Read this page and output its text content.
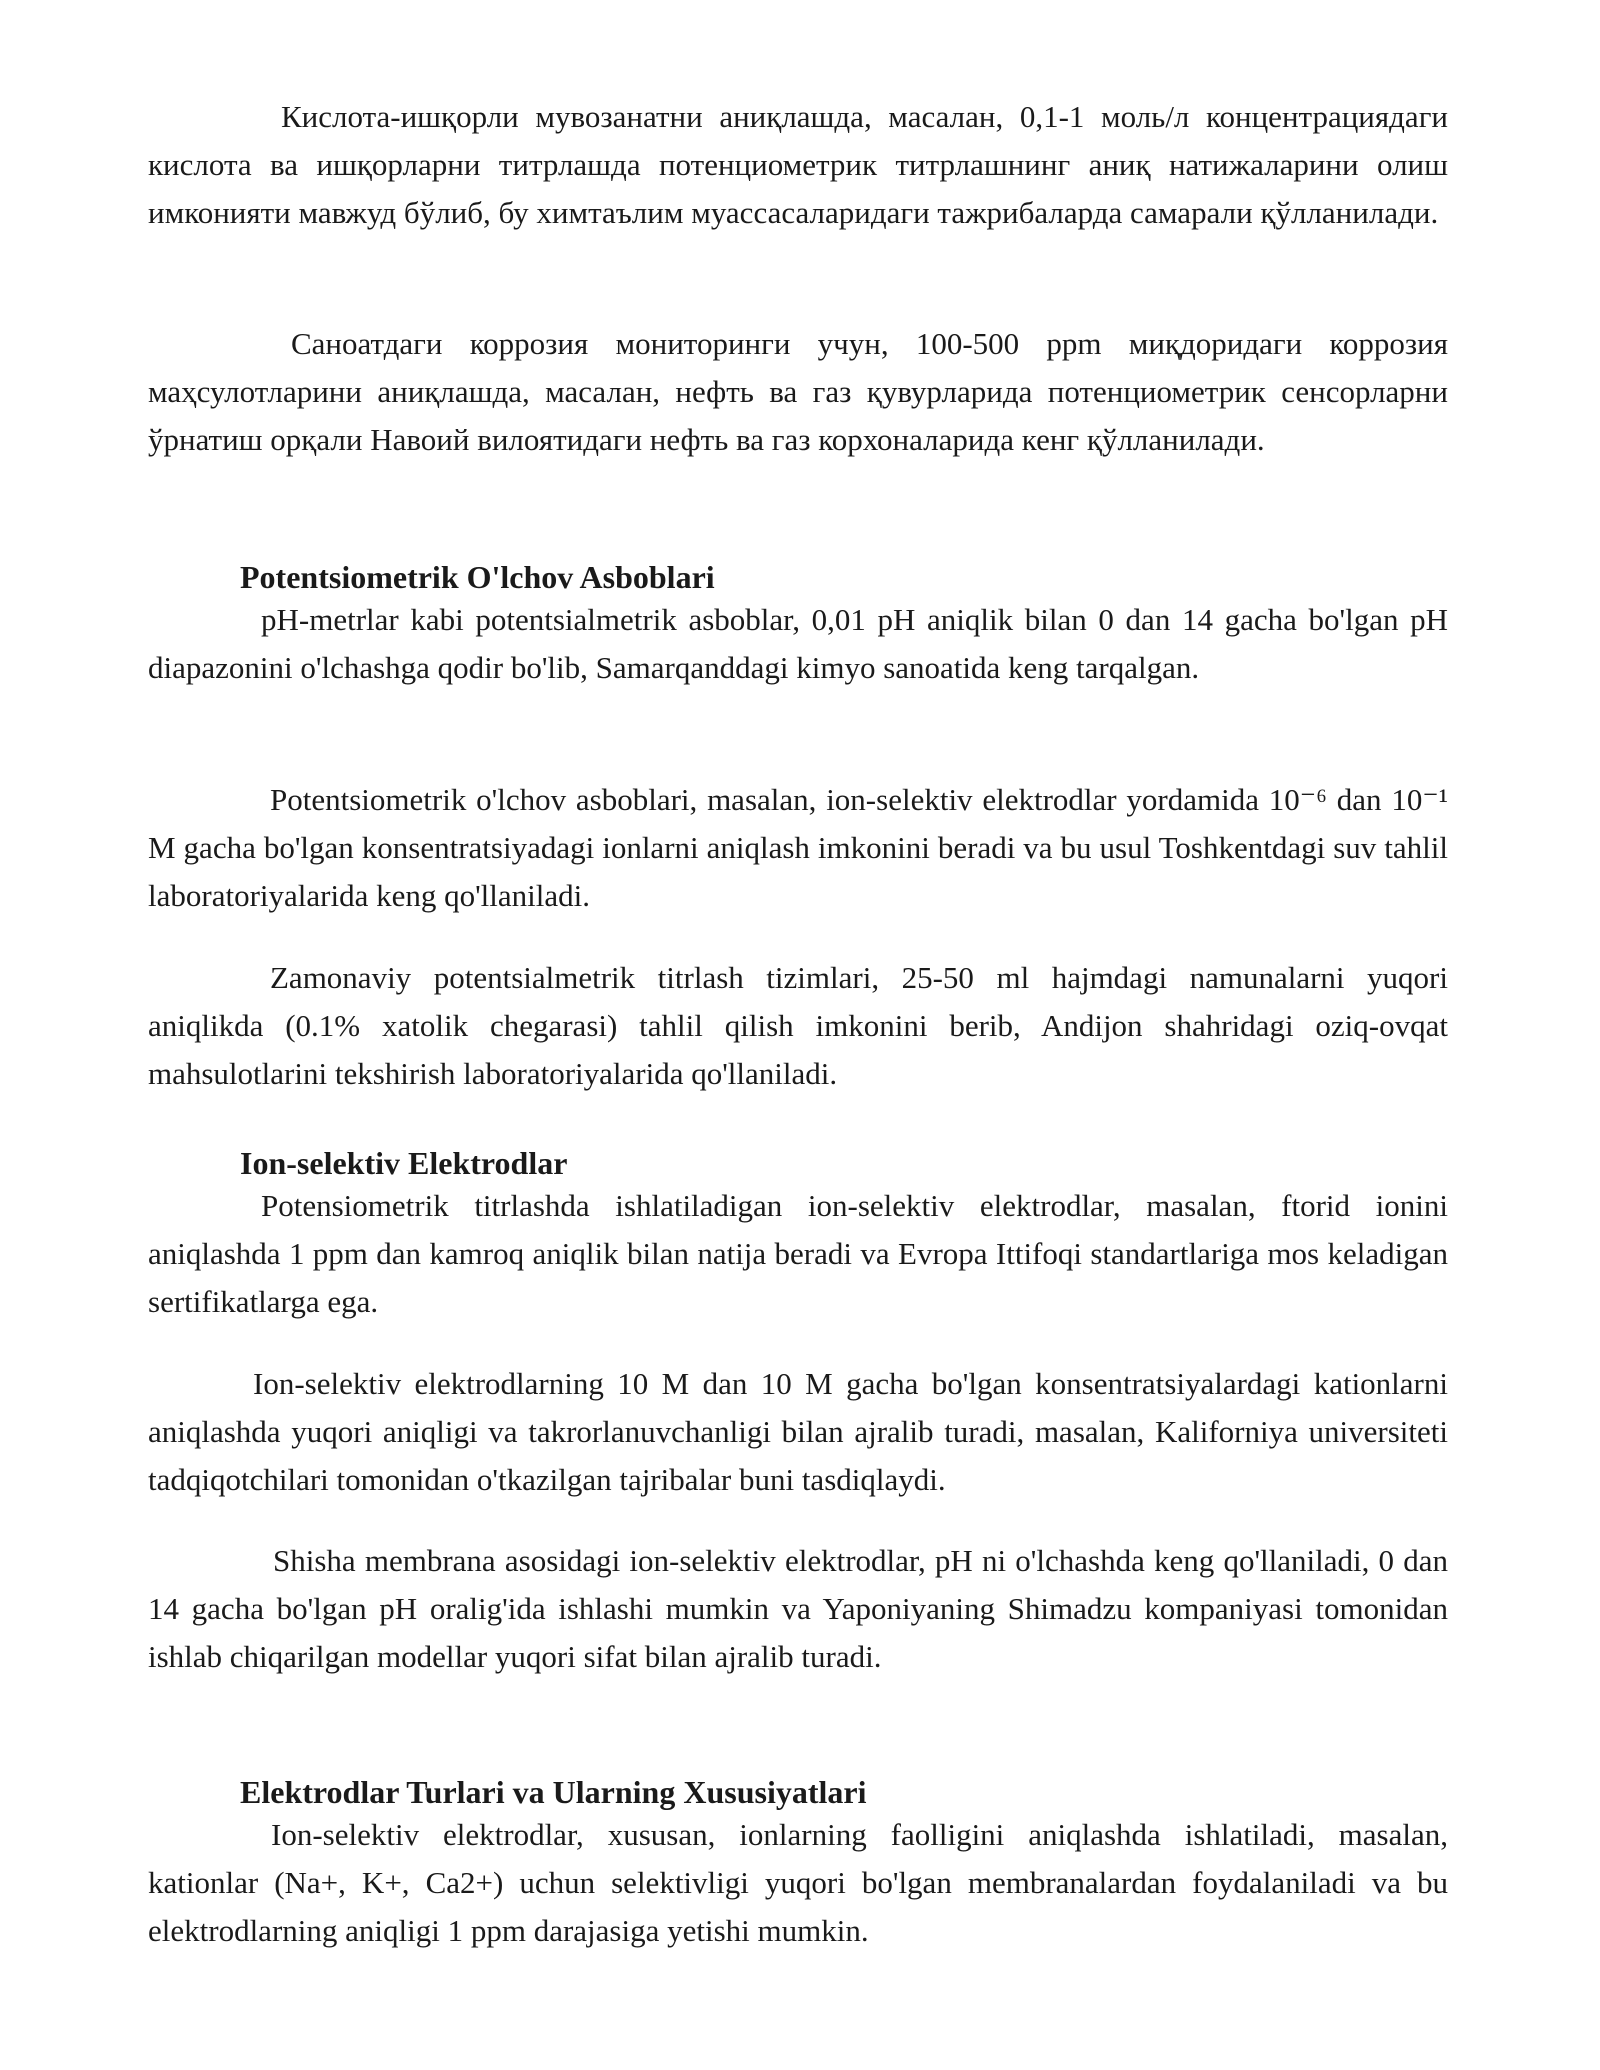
Кислота-ишқорли мувозанатни аниқлашда, масалан, 0,1-1 моль/л концентрациядаги кислота ва ишқорларни титрлашда потенциометрик титрлашнинг аниқ натижаларини олиш имконияти мавжуд бўлиб, бу химтаълим муассасаларидаги тажрибаларда самарали қўлланилади.

Саноатдаги коррозия мониторинги учун, 100-500 ppm миқдоридаги коррозия маҳсулотларини аниқлашда, масалан, нефть ва газ қувурларида потенциометрик сенсорларни ўрнатиш орқали Навоий вилоятидаги нефть ва газ корхоналарида кенг қўлланилади.

Potentsiometrik O'lchov Asboblari

pH-metrlar kabi potentsialmetrik asboblar, 0,01 pH aniqlik bilan 0 dan 14 gacha bo'lgan pH diapazonini o'lchashga qodir bo'lib, Samarqanddagi kimyo sanoatida keng tarqalgan.

Potentsiometrik o'lchov asboblari, masalan, ion-selektiv elektrodlar yordamida 10⁻⁶ dan 10⁻¹ M gacha bo'lgan konsentratsiyadagi ionlarni aniqlash imkonini beradi va bu usul Toshkentdagi suv tahlil laboratoriyalarida keng qo'llaniladi.

Zamonaviy potentsialmetrik titrlash tizimlari, 25-50 ml hajmdagi namunalarni yuqori aniqlikda (0.1% xatolik chegarasi) tahlil qilish imkonini berib, Andijon shahridagi oziq-ovqat mahsulotlarini tekshirish laboratoriyalarida qo'llaniladi.

Ion-selektiv Elektrodlar

Potensiometrik titrlashda ishlatiladigan ion-selektiv elektrodlar, masalan, ftorid ionini aniqlashda 1 ppm dan kamroq aniqlik bilan natija beradi va Evropa Ittifoqi standartlariga mos keladigan sertifikatlarga ega.

Ion-selektiv elektrodlarning 10 M dan 10 M gacha bo'lgan konsentratsiyalardagi kationlarni aniqlashda yuqori aniqligi va takrorlanuvchanligi bilan ajralib turadi, masalan, Kaliforniya universiteti tadqiqotchilari tomonidan o'tkazilgan tajribalar buni tasdiqlaydi.

Shisha membrana asosidagi ion-selektiv elektrodlar, pH ni o'lchashda keng qo'llaniladi, 0 dan 14 gacha bo'lgan pH oralig'ida ishlashi mumkin va Yaponiyaning Shimadzu kompaniyasi tomonidan ishlab chiqarilgan modellar yuqori sifat bilan ajralib turadi.

Elektrodlar Turlari va Ularning Xususiyatlari

Ion-selektiv elektrodlar, xususan, ionlarning faolligini aniqlashda ishlatiladi, masalan, kationlar (Na+, K+, Ca2+) uchun selektivligi yuqori bo'lgan membranalardan foydalaniladi va bu elektrodlarning aniqligi 1 ppm darajasiga yetishi mumkin.
